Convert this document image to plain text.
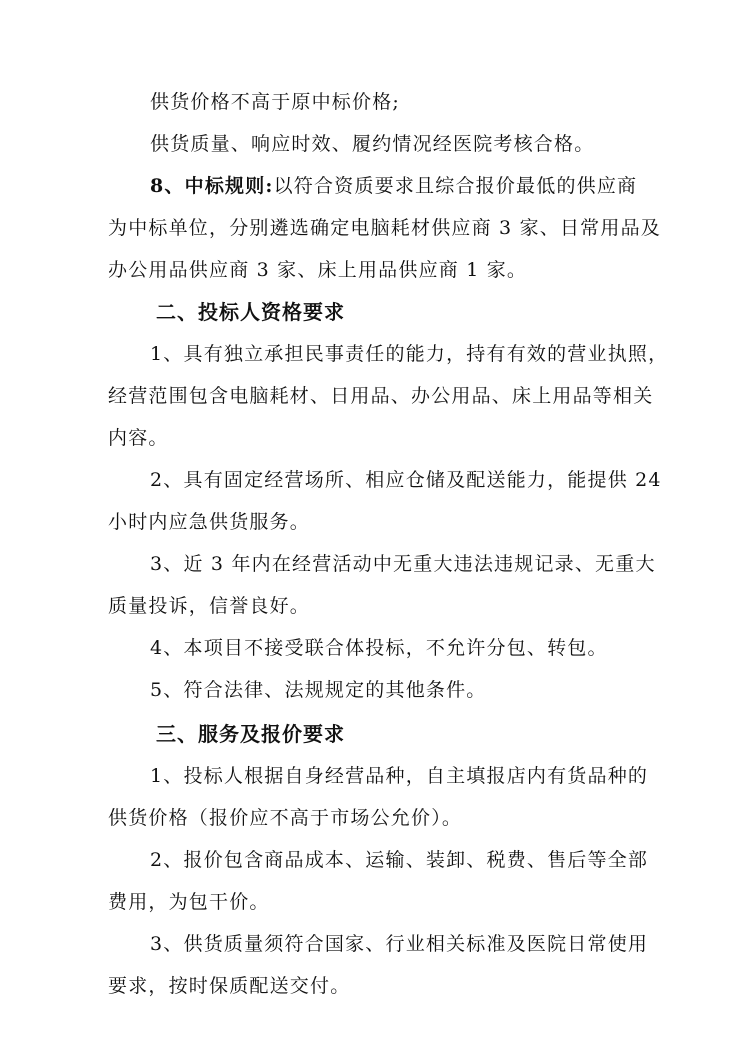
供货价格不高于原中标价格;
供货质量、响应时效、履约情况经医院考核合格。
8、中标规则:以符合资质要求且综合报价最低的供应商
为中标单位，分别遴选确定电脑耗材供应商 3 家、日常用品及
办公用品供应商 3 家、床上用品供应商 1 家。
二、投标人资格要求
1、具有独立承担民事责任的能力，持有有效的营业执照，
经营范围包含电脑耗材、日用品、办公用品、床上用品等相关
内容。
2、具有固定经营场所、相应仓储及配送能力，能提供 24
小时内应急供货服务。
3、近 3 年内在经营活动中无重大违法违规记录、无重大
质量投诉，信誉良好。
4、本项目不接受联合体投标，不允许分包、转包。
5、符合法律、法规规定的其他条件。
三、服务及报价要求
1、投标人根据自身经营品种，自主填报店内有货品种的
供货价格（报价应不高于市场公允价）。
2、报价包含商品成本、运输、装卸、税费、售后等全部
费用，为包干价。
3、供货质量须符合国家、行业相关标准及医院日常使用
要求，按时保质配送交付。
